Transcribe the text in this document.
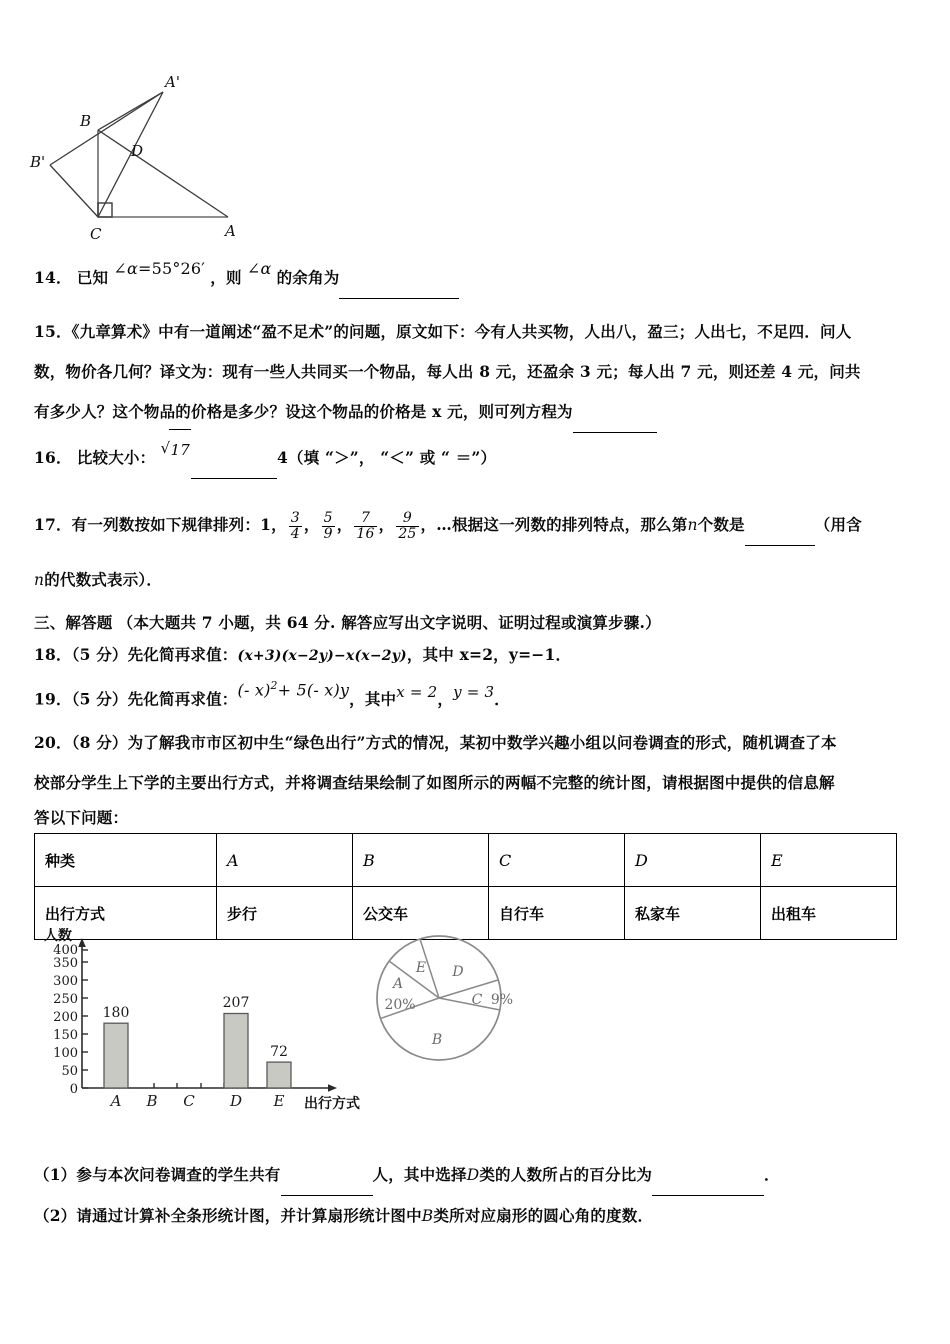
A'
B
D
B'
C	A
14． 已知 ∠α=55°26′ ，则 ∠α 的余角为
15．《九章算术》中有一道阐述“盈不足术”的问题，原文如下：今有人共买物，人出八，盈三；人出七，不足四．问人
数，物价各几何？译文为：现有一些人共同买一个物品，每人出 8 元，还盈余 3 元；每人出 7 元，则还差 4 元，问共
有多少人？这个物品的价格是多少？设这个物品的价格是 x 元，则可列方程为
16． 比较大小： √ 17	4（填 “＞”， “＜” 或 “ ＝”）
17．有一列数按如下规律排列：1， $\frac{3}{4}$ ， $\frac{5}{9}$ ， $\frac{7}{16}$ ， $\frac{9}{25}$ ，…根据这一列数的排列特点，那么第n个数是	（用含
n的代数式表示）．
三、解答题 （本大题共 7 小题，共 64 分. 解答应写出文字说明、证明过程或演算步骤.）
18．（5 分）先化简再求值：(x+3)(x−2y)−x(x−2y)，其中 x=2，y=−1．
19．（5 分）先化简再求值：(- x)$^2$+ 5(- x)y，其中x = 2，y = 3．
20．（8 分）为了解我市市区初中生“绿色出行”方式的情况，某初中数学兴趣小组以问卷调查的形式，随机调查了本
校部分学生上下学的主要出行方式，并将调查结果绘制了如图所示的两幅不完整的统计图，请根据图中提供的信息解
答以下问题：
种类	A	B	C	D	E
出行方式	步行	公交车	自行车	私家车	出租车
0
50
100
150
200
250
300
350
400
人数
180
207
72
A B C D E 出行方式
A
20%
E D
C 9%
B
（1）参与本次问卷调查的学生共有	人，其中选择D类的人数所占的百分比为	．
（2）请通过计算补全条形统计图，并计算扇形统计图中B类所对应扇形的圆心角的度数．
